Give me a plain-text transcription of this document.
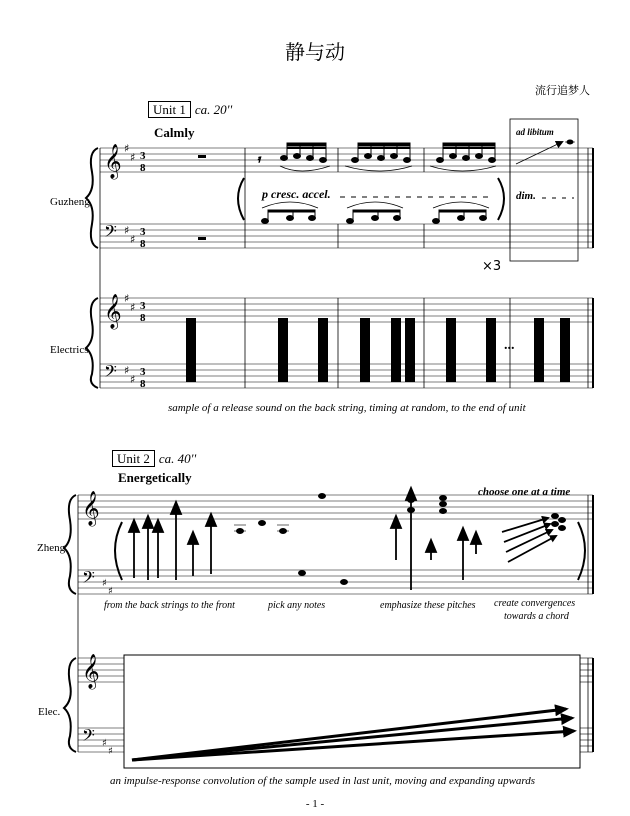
静与动
流行追梦人
Unit 1 ca. 20''
Calmly
Guzheng
Electrics
p cresc. accel.	dim.
ad libitum
×3
...
sample of a release sound on the back string, timing at random, to the end of unit
Unit 2 ca. 40''
Energetically
Zheng
Elec.
choose one at a time
from the back strings to the front	pick any notes	emphasize these pitches create convergences
towards a chord
an impulse-response convolution of the sample used in last unit, moving and expanding upwards
- 1 -
𝄞
𝄢
𝄞
𝄢
♯
♯
♯
♯
♯
♯
♯
♯
3
8
3
8
3
8
3
8
𝄿
𝄞
𝄢
𝄞
𝄢
♯
♯
♯
♯
